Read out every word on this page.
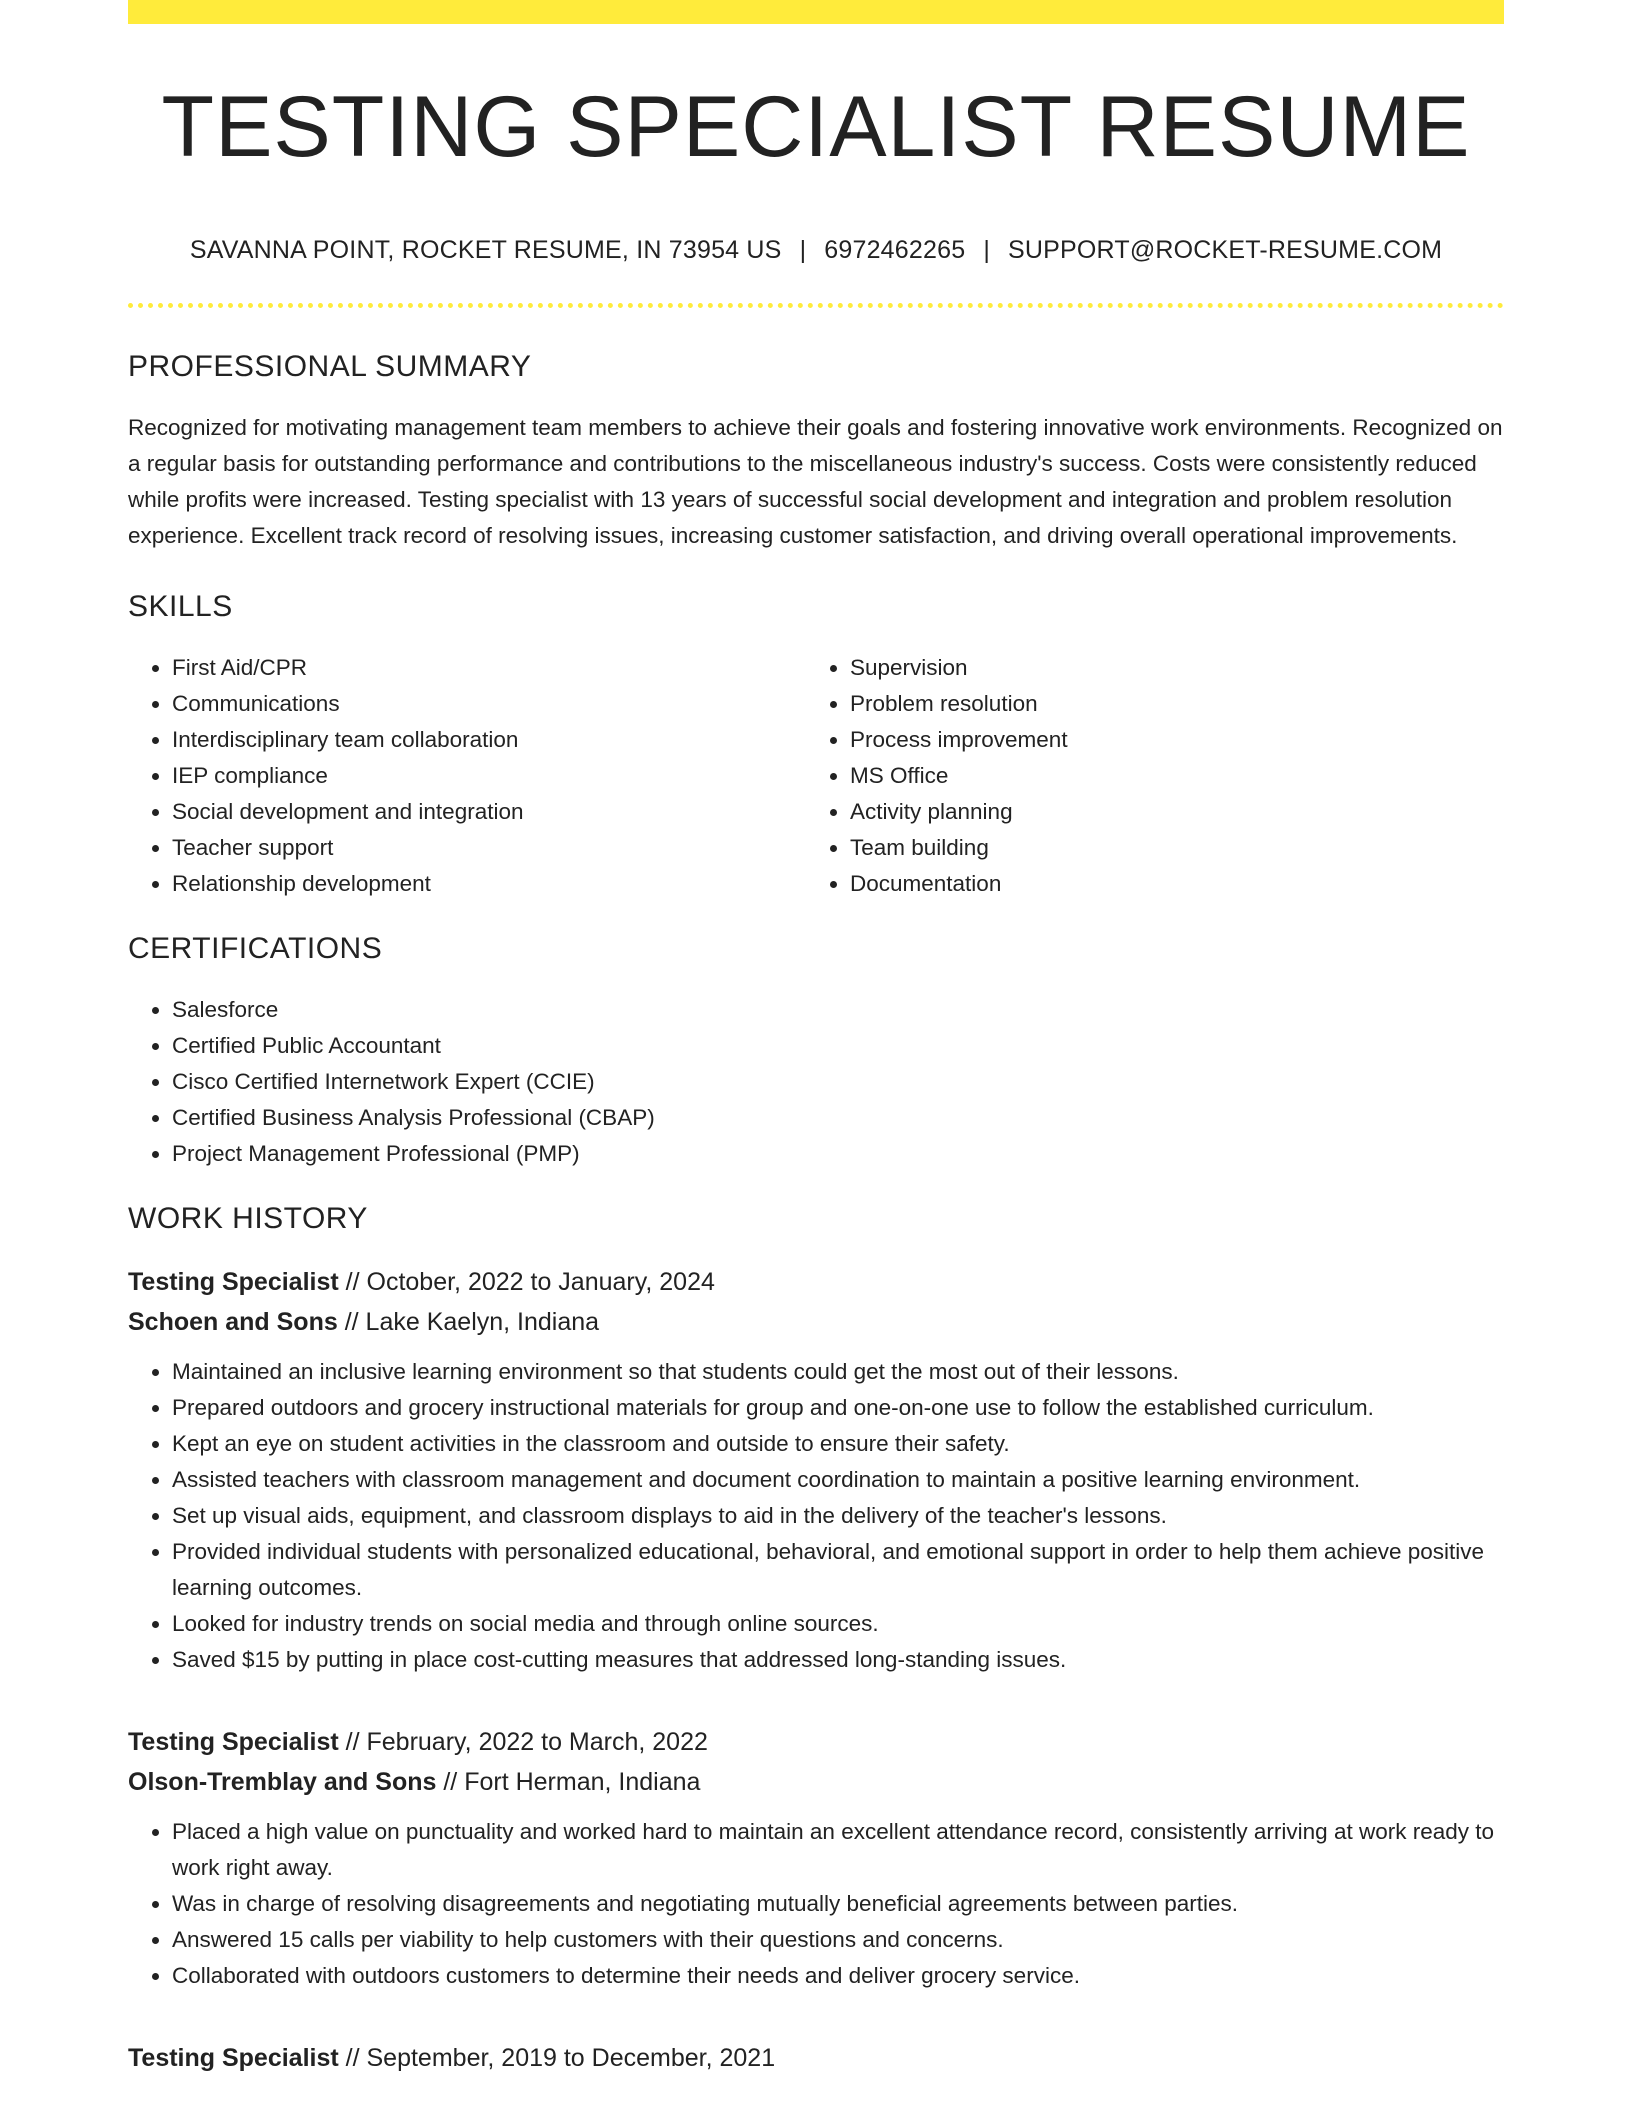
TESTING SPECIALIST RESUME
SAVANNA POINT, ROCKET RESUME, IN 73954 US | 6972462265 | SUPPORT@ROCKET-RESUME.COM
PROFESSIONAL SUMMARY

Recognized for motivating management team members to achieve their goals and fostering innovative work environments. Recognized on a regular basis for outstanding performance and contributions to the miscellaneous industry's success. Costs were consistently reduced while profits were increased. Testing specialist with 13 years of successful social development and integration and problem resolution experience. Excellent track record of resolving issues, increasing customer satisfaction, and driving overall operational improvements.

SKILLS
• First Aid/CPR
• Communications
• Interdisciplinary team collaboration
• IEP compliance
• Social development and integration
• Teacher support
• Relationship development
• Supervision
• Problem resolution
• Process improvement
• MS Office
• Activity planning
• Team building
• Documentation
CERTIFICATIONS
• Salesforce
• Certified Public Accountant
• Cisco Certified Internetwork Expert (CCIE)
• Certified Business Analysis Professional (CBAP)
• Project Management Professional (PMP)
WORK HISTORY
Testing Specialist // October, 2022 to January, 2024
Schoen and Sons // Lake Kaelyn, Indiana
• Maintained an inclusive learning environment so that students could get the most out of their lessons.
• Prepared outdoors and grocery instructional materials for group and one-on-one use to follow the established curriculum.
• Kept an eye on student activities in the classroom and outside to ensure their safety.
• Assisted teachers with classroom management and document coordination to maintain a positive learning environment.
• Set up visual aids, equipment, and classroom displays to aid in the delivery of the teacher's lessons.
• Provided individual students with personalized educational, behavioral, and emotional support in order to help them achieve positive learning outcomes.
• Looked for industry trends on social media and through online sources.
• Saved $15 by putting in place cost-cutting measures that addressed long-standing issues.
Testing Specialist // February, 2022 to March, 2022
Olson-Tremblay and Sons // Fort Herman, Indiana
• Placed a high value on punctuality and worked hard to maintain an excellent attendance record, consistently arriving at work ready to work right away.
• Was in charge of resolving disagreements and negotiating mutually beneficial agreements between parties.
• Answered 15 calls per viability to help customers with their questions and concerns.
• Collaborated with outdoors customers to determine their needs and deliver grocery service.
Testing Specialist // September, 2019 to December, 2021
